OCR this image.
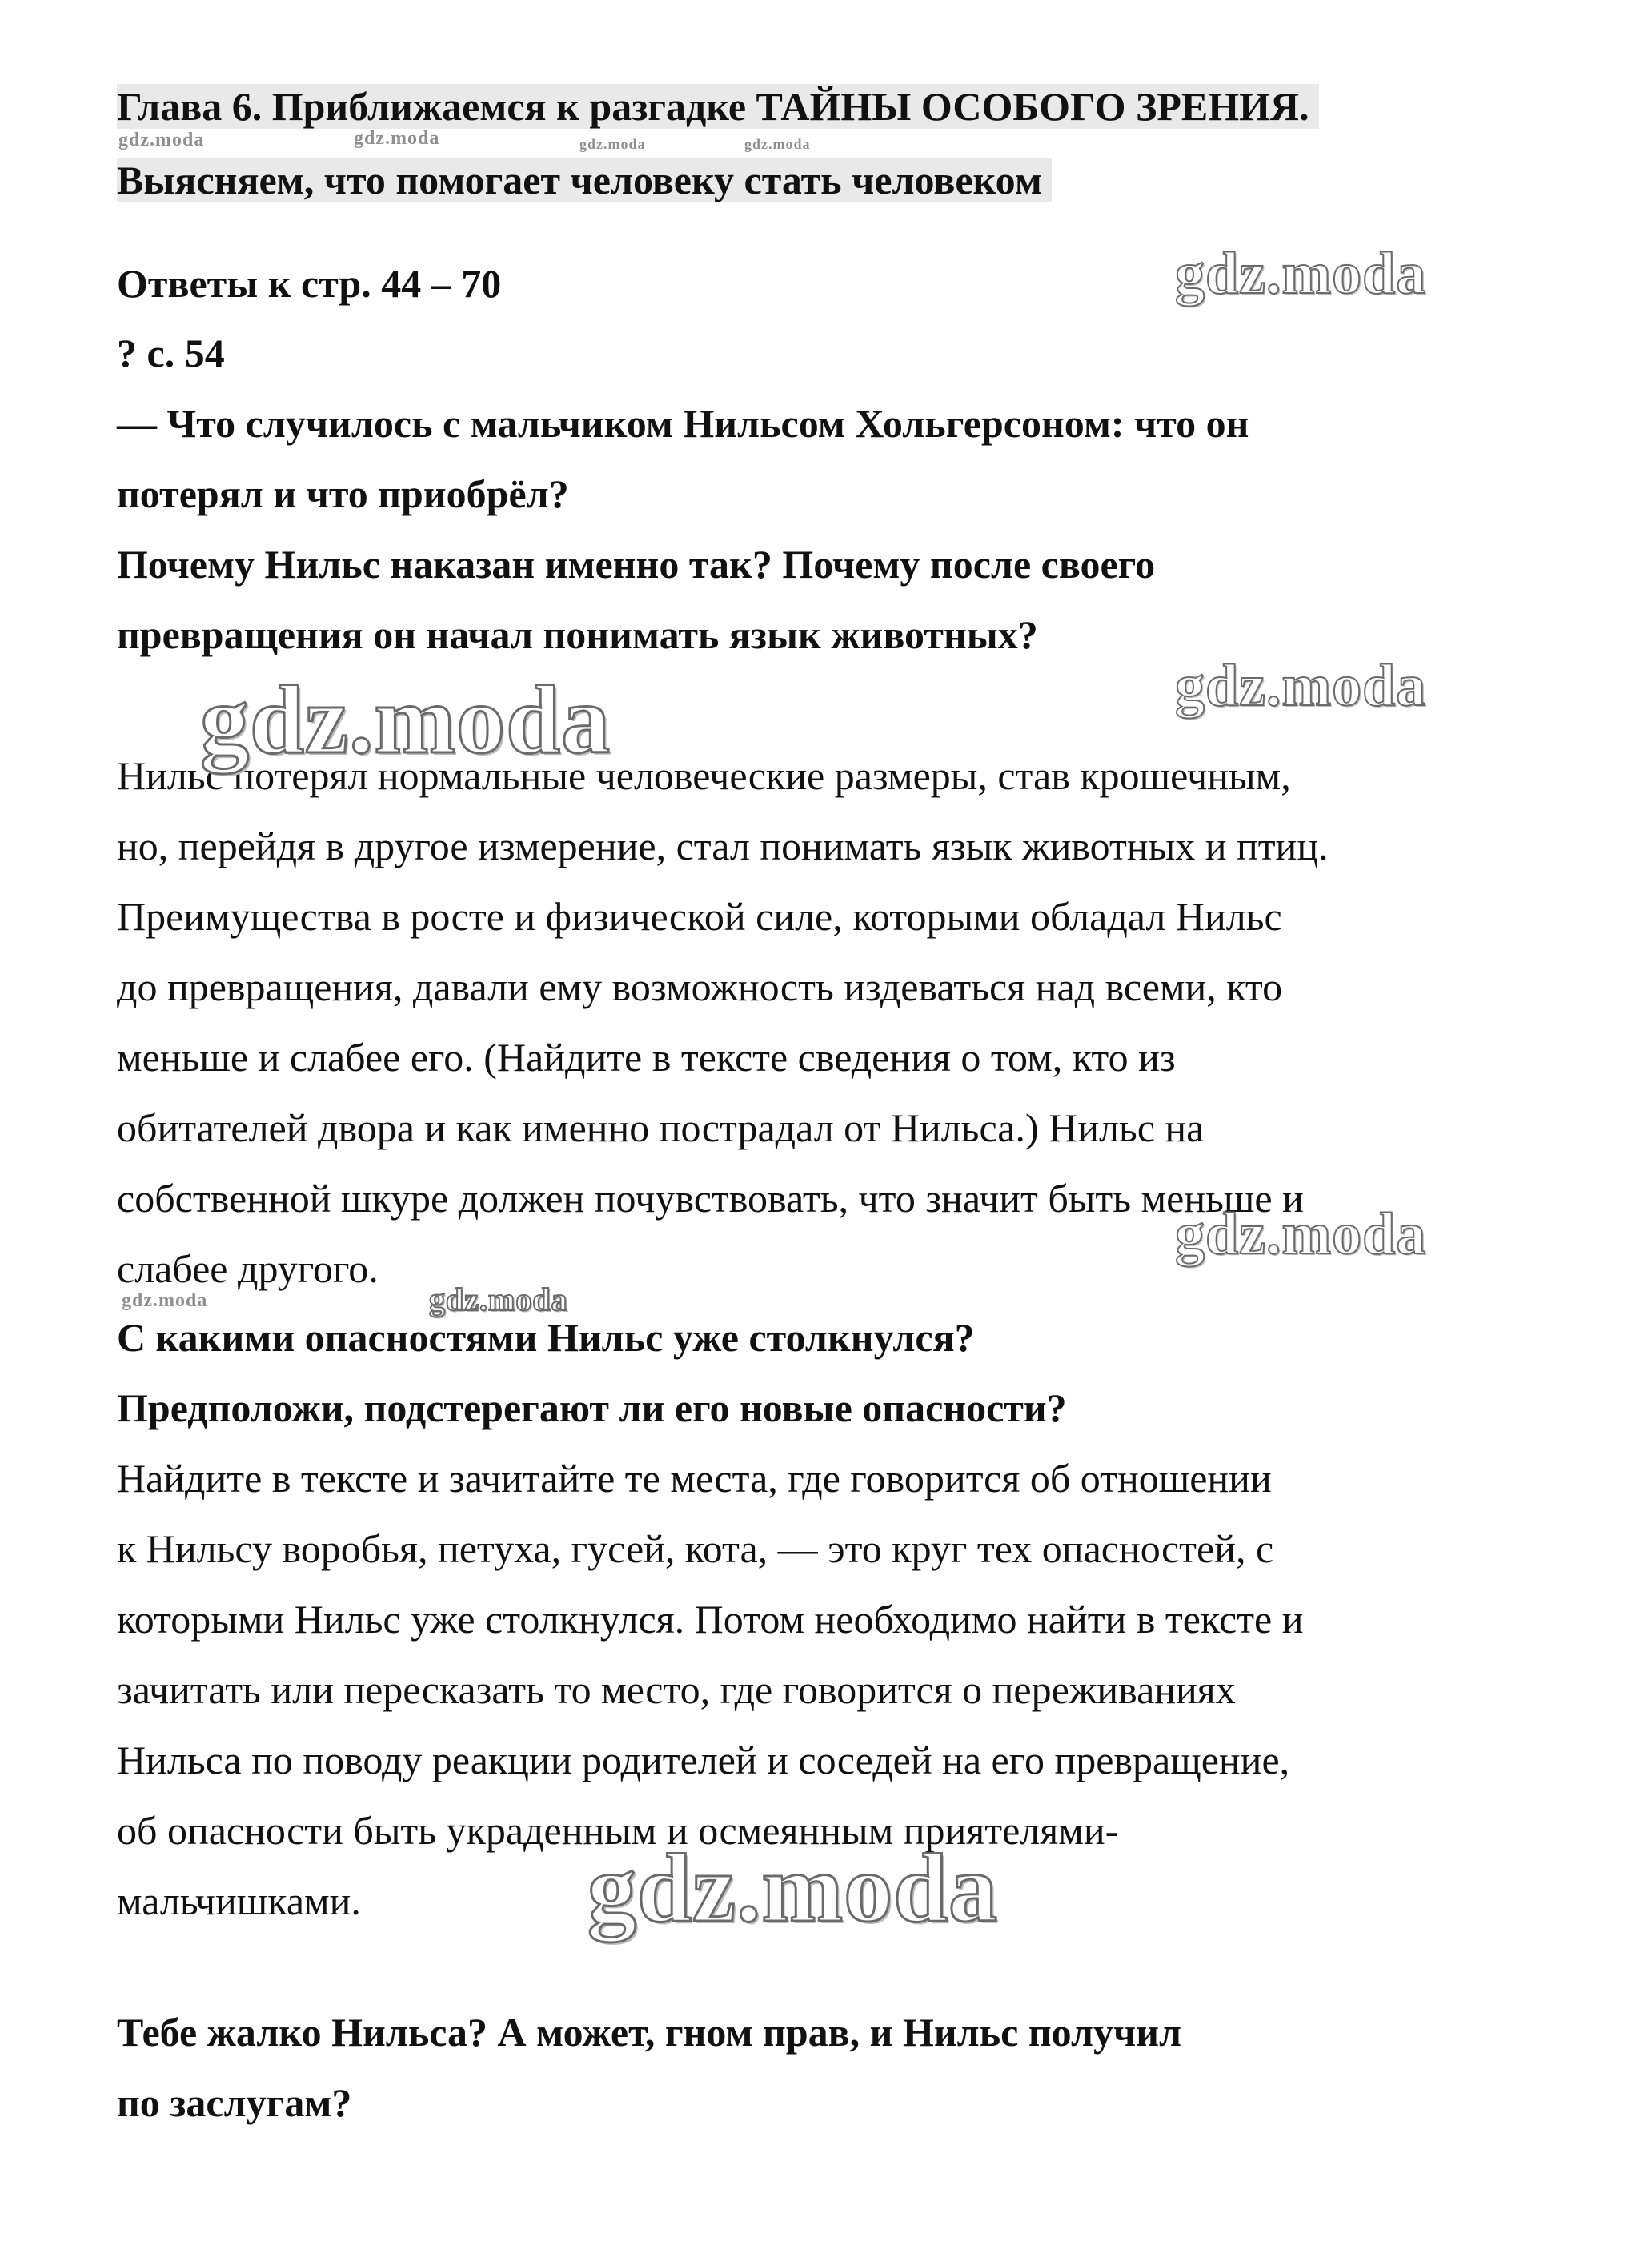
Глава 6. Приближаемся к разгадке ТАЙНЫ ОСОБОГО ЗРЕНИЯ.

Выясняем, что помогает человеку стать человеком

Ответы к стр. 44 – 70

? с. 54

— Что случилось с мальчиком Нильсом Хольгерсоном: что он

потерял и что приобрёл?

Почему Нильс наказан именно так? Почему после своего

превращения он начал понимать язык животных?

Нильс потерял нормальные человеческие размеры, став крошечным,

но, перейдя в другое измерение, стал понимать язык животных и птиц.

Преимущества в росте и физической силе, которыми обладал Нильс

до превращения, давали ему возможность издеваться над всеми, кто

меньше и слабее его. (Найдите в тексте сведения о том, кто из

обитателей двора и как именно пострадал от Нильса.) Нильс на

собственной шкуре должен почувствовать, что значит быть меньше и

слабее другого.

С какими опасностями Нильс уже столкнулся?

Предположи, подстерегают ли его новые опасности?

Найдите в тексте и зачитайте те места, где говорится об отношении

к Нильсу воробья, петуха, гусей, кота, — это круг тех опасностей, с

которыми Нильс уже столкнулся. Потом необходимо найти в тексте и

зачитать или пересказать то место, где говорится о переживаниях

Нильса по поводу реакции родителей и соседей на его превращение,

об опасности быть украденным и осмеянным приятелями-

мальчишками.

Тебе жалко Нильса? А может, гном прав, и Нильс получил

по заслугам?

gdz.moda	gdz.moda	gdz.moda	gdz.moda
gdz.moda
gdz.moda
gdz.moda
gdz.moda
gdz.moda	gdz.moda
gdz.moda
